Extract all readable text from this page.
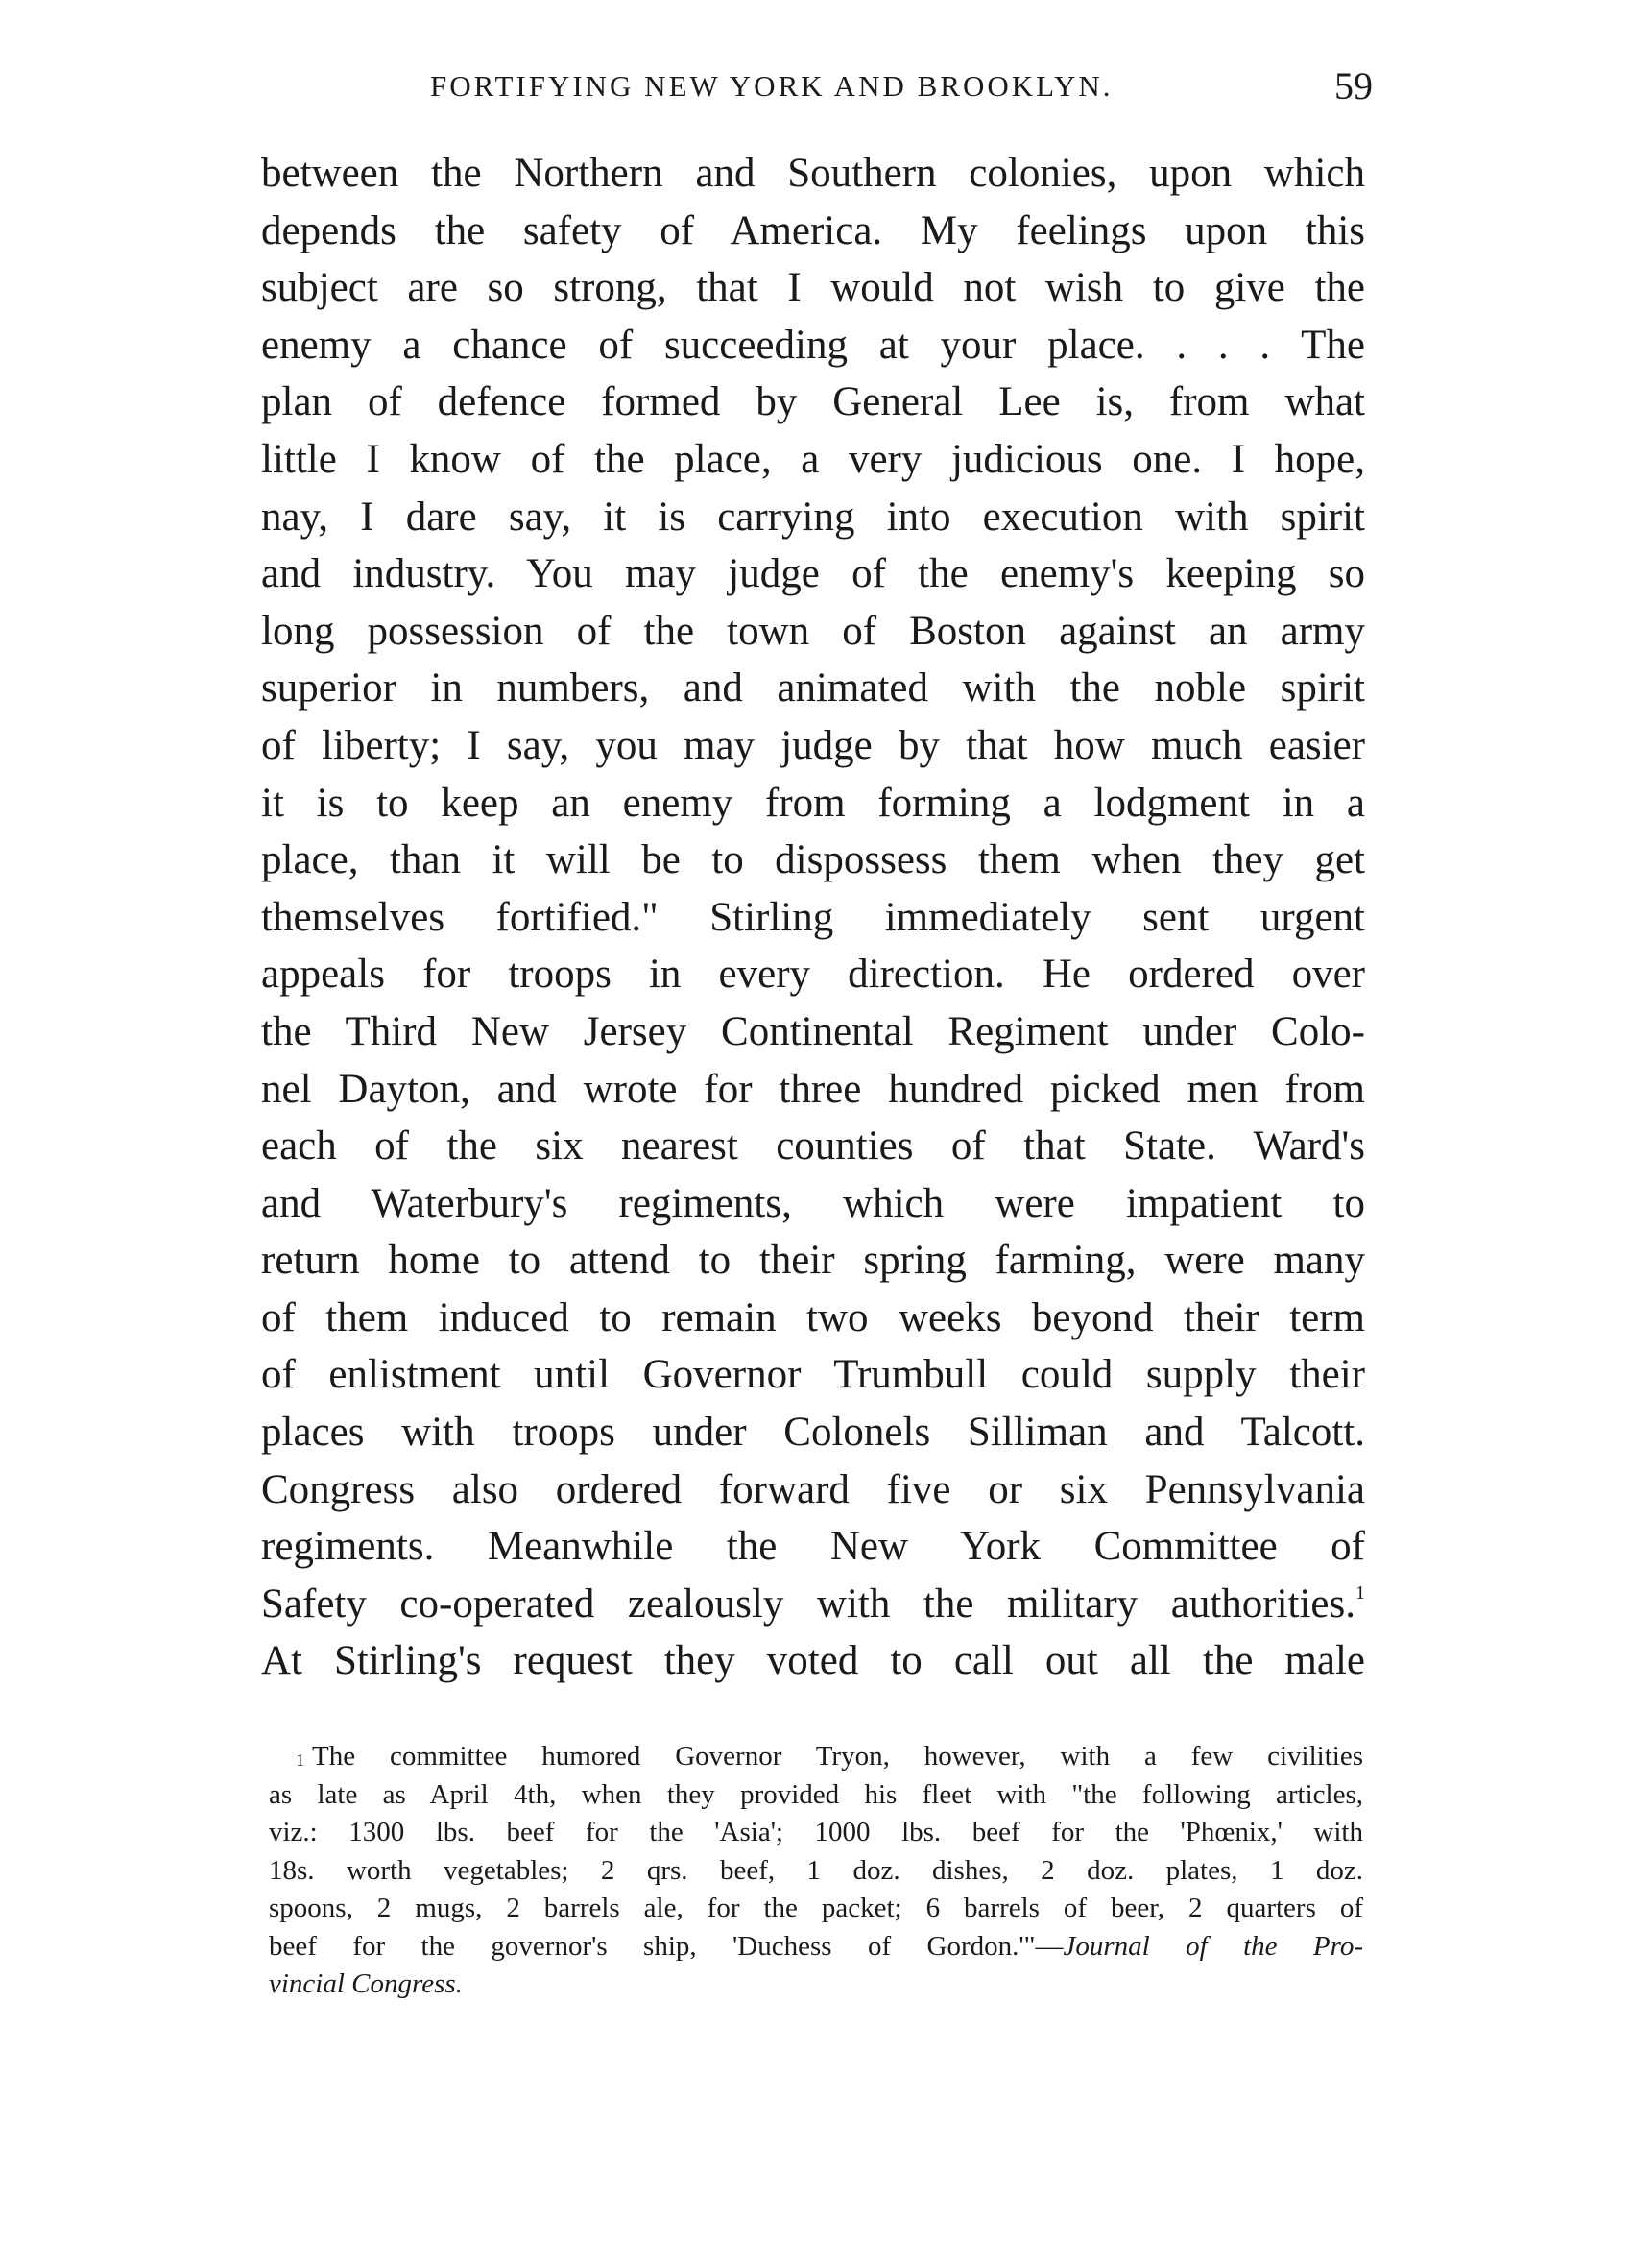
FORTIFYING NEW YORK AND BROOKLYN.	59
between the Northern and Southern colonies, upon which
depends the safety of America. My feelings upon this
subject are so strong, that I would not wish to give the
enemy a chance of succeeding at your place. . . . The
plan of defence formed by General Lee is, from what
little I know of the place, a very judicious one. I hope,
nay, I dare say, it is carrying into execution with spirit
and industry. You may judge of the enemy's keeping so
long possession of the town of Boston against an army
superior in numbers, and animated with the noble spirit
of liberty; I say, you may judge by that how much easier
it is to keep an enemy from forming a lodgment in a
place, than it will be to dispossess them when they get
themselves fortified." Stirling immediately sent urgent
appeals for troops in every direction. He ordered over
the Third New Jersey Continental Regiment under Colo-
nel Dayton, and wrote for three hundred picked men from
each of the six nearest counties of that State. Ward's
and Waterbury's regiments, which were impatient to
return home to attend to their spring farming, were many
of them induced to remain two weeks beyond their term
of enlistment until Governor Trumbull could supply their
places with troops under Colonels Silliman and Talcott.
Congress also ordered forward five or six Pennsylvania
regiments. Meanwhile the New York Committee of
Safety co-operated zealously with the military authorities.$^1$
At Stirling's request they voted to call out all the male
$^1$ The committee humored Governor Tryon, however, with a few civilities
as late as April 4th, when they provided his fleet with "the following articles,
viz.: 1300 lbs. beef for the 'Asia'; 1000 lbs. beef for the 'Phœnix,' with
18s. worth vegetables; 2 qrs. beef, 1 doz. dishes, 2 doz. plates, 1 doz.
spoons, 2 mugs, 2 barrels ale, for the packet; 6 barrels of beer, 2 quarters of
beef for the governor's ship, 'Duchess of Gordon.'"—Journal of the Pro-
vincial Congress.
